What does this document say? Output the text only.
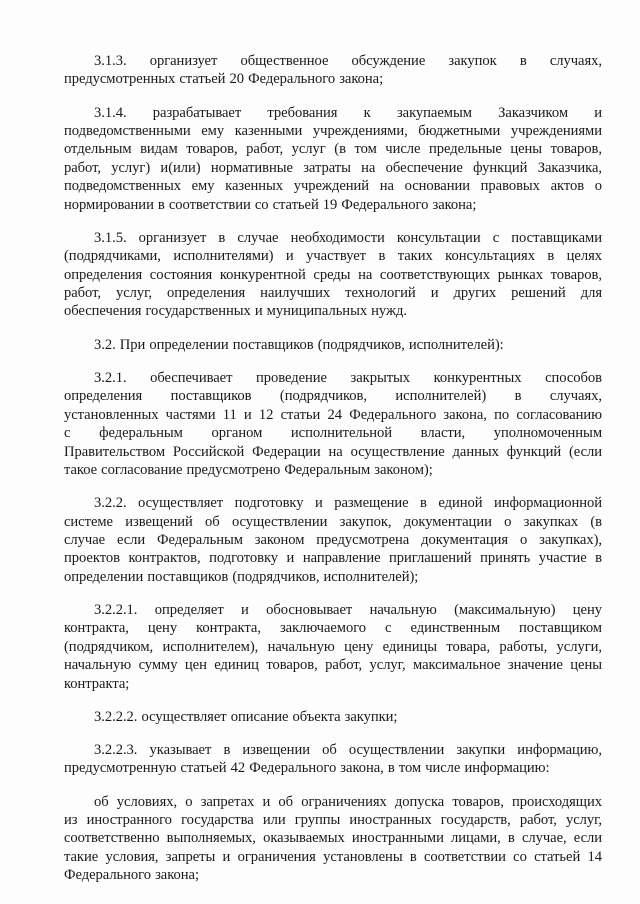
3.1.3. организует общественное обсуждение закупок в случаях,
предусмотренных статьей 20 Федерального закона;
3.1.4. разрабатывает требования к закупаемым Заказчиком и
подведомственными ему казенными учреждениями, бюджетными учреждениями
отдельным видам товаров, работ, услуг (в том числе предельные цены товаров,
работ, услуг) и(или) нормативные затраты на обеспечение функций Заказчика,
подведомственных ему казенных учреждений на основании правовых актов о
нормировании в соответствии со статьей 19 Федерального закона;
3.1.5. организует в случае необходимости консультации с поставщиками
(подрядчиками, исполнителями) и участвует в таких консультациях в целях
определения состояния конкурентной среды на соответствующих рынках товаров,
работ, услуг, определения наилучших технологий и других решений для
обеспечения государственных и муниципальных нужд.
3.2. При определении поставщиков (подрядчиков, исполнителей):
3.2.1. обеспечивает проведение закрытых конкурентных способов
определения поставщиков (подрядчиков, исполнителей) в случаях,
установленных частями 11 и 12 статьи 24 Федерального закона, по согласованию
с федеральным органом исполнительной власти, уполномоченным
Правительством Российской Федерации на осуществление данных функций (если
такое согласование предусмотрено Федеральным законом);
3.2.2. осуществляет подготовку и размещение в единой информационной
системе извещений об осуществлении закупок, документации о закупках (в
случае если Федеральным законом предусмотрена документация о закупках),
проектов контрактов, подготовку и направление приглашений принять участие в
определении поставщиков (подрядчиков, исполнителей);
3.2.2.1. определяет и обосновывает начальную (максимальную) цену
контракта, цену контракта, заключаемого с единственным поставщиком
(подрядчиком, исполнителем), начальную цену единицы товара, работы, услуги,
начальную сумму цен единиц товаров, работ, услуг, максимальное значение цены
контракта;
3.2.2.2. осуществляет описание объекта закупки;
3.2.2.3. указывает в извещении об осуществлении закупки информацию,
предусмотренную статьей 42 Федерального закона, в том числе информацию:
об условиях, о запретах и об ограничениях допуска товаров, происходящих
из иностранного государства или группы иностранных государств, работ, услуг,
соответственно выполняемых, оказываемых иностранными лицами, в случае, если
такие условия, запреты и ограничения установлены в соответствии со статьей 14
Федерального закона;
